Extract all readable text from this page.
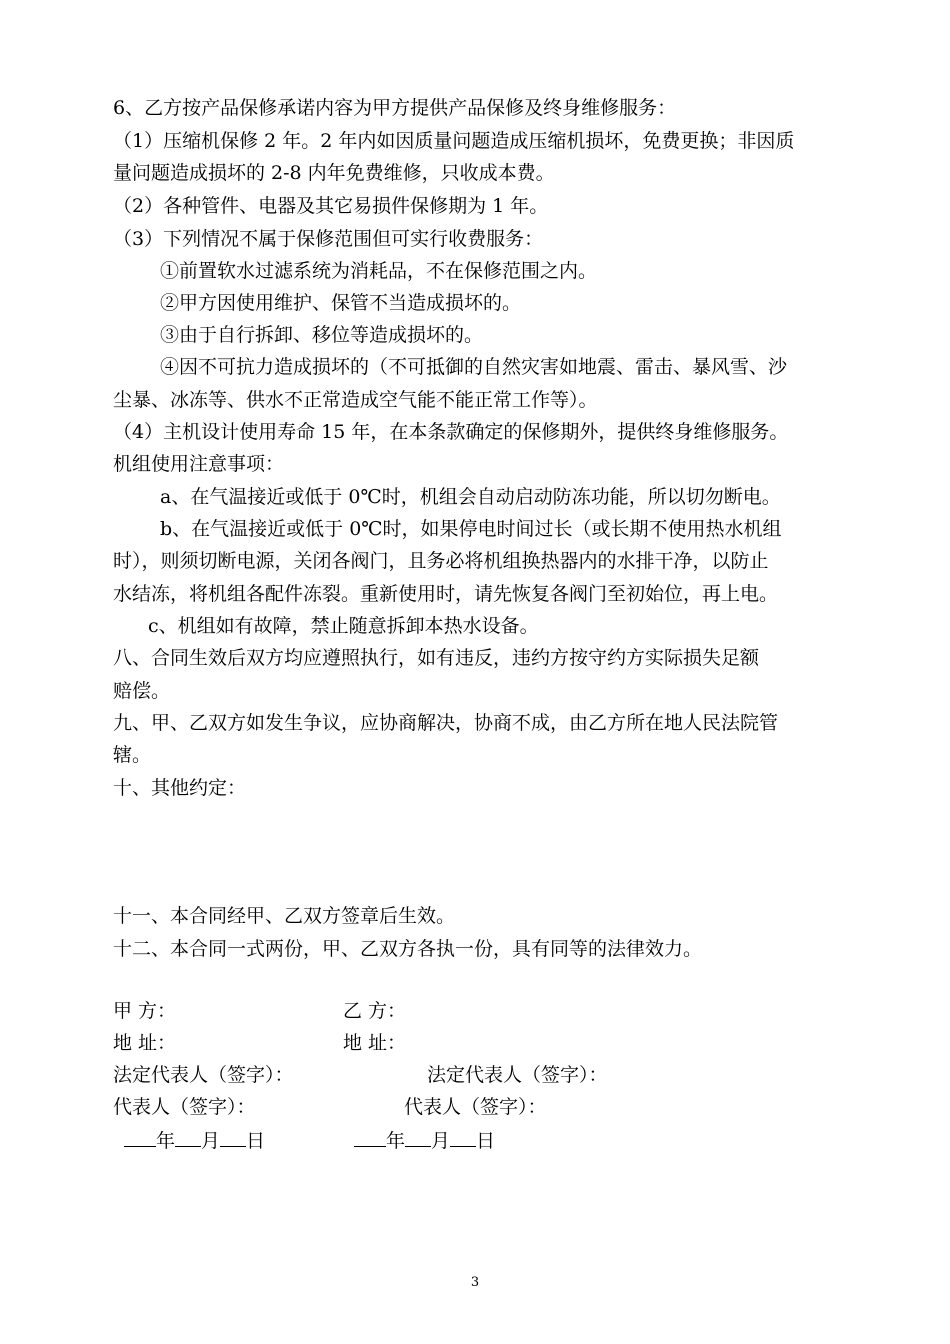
6、乙方按产品保修承诺内容为甲方提供产品保修及终身维修服务：
（1）压缩机保修 2 年。2 年内如因质量问题造成压缩机损坏，免费更换；非因质
量问题造成损坏的 2-8 内年免费维修，只收成本费。
（2）各种管件、电器及其它易损件保修期为 1 年。
（3）下列情况不属于保修范围但可实行收费服务：
①前置软水过滤系统为消耗品，不在保修范围之内。
②甲方因使用维护、保管不当造成损坏的。
③由于自行拆卸、移位等造成损坏的。
④因不可抗力造成损坏的（不可抵御的自然灾害如地震、雷击、暴风雪、沙
尘暴、冰冻等、供水不正常造成空气能不能正常工作等）。
（4）主机设计使用寿命 15 年，在本条款确定的保修期外，提供终身维修服务。
机组使用注意事项：
a、在气温接近或低于 0℃时，机组会自动启动防冻功能，所以切勿断电。
b、在气温接近或低于 0℃时，如果停电时间过长（或长期不使用热水机组
时），则须切断电源，关闭各阀门，且务必将机组换热器内的水排干净，以防止
水结冻，将机组各配件冻裂。重新使用时，请先恢复各阀门至初始位，再上电。
c、机组如有故障，禁止随意拆卸本热水设备。
八、合同生效后双方均应遵照执行，如有违反，违约方按守约方实际损失足额
赔偿。
九、甲、乙双方如发生争议，应协商解决，协商不成，由乙方所在地人民法院管
辖。
十、其他约定：
十一、本合同经甲、乙双方签章后生效。
十二、本合同一式两份，甲、乙双方各执一份，具有同等的法律效力。
甲 方：	乙 方：
地 址：	地 址：
法定代表人（签字）：	法定代表人（签字）：
代表人（签字）：	代表人（签字）：
年 月 日	年 月 日
3
